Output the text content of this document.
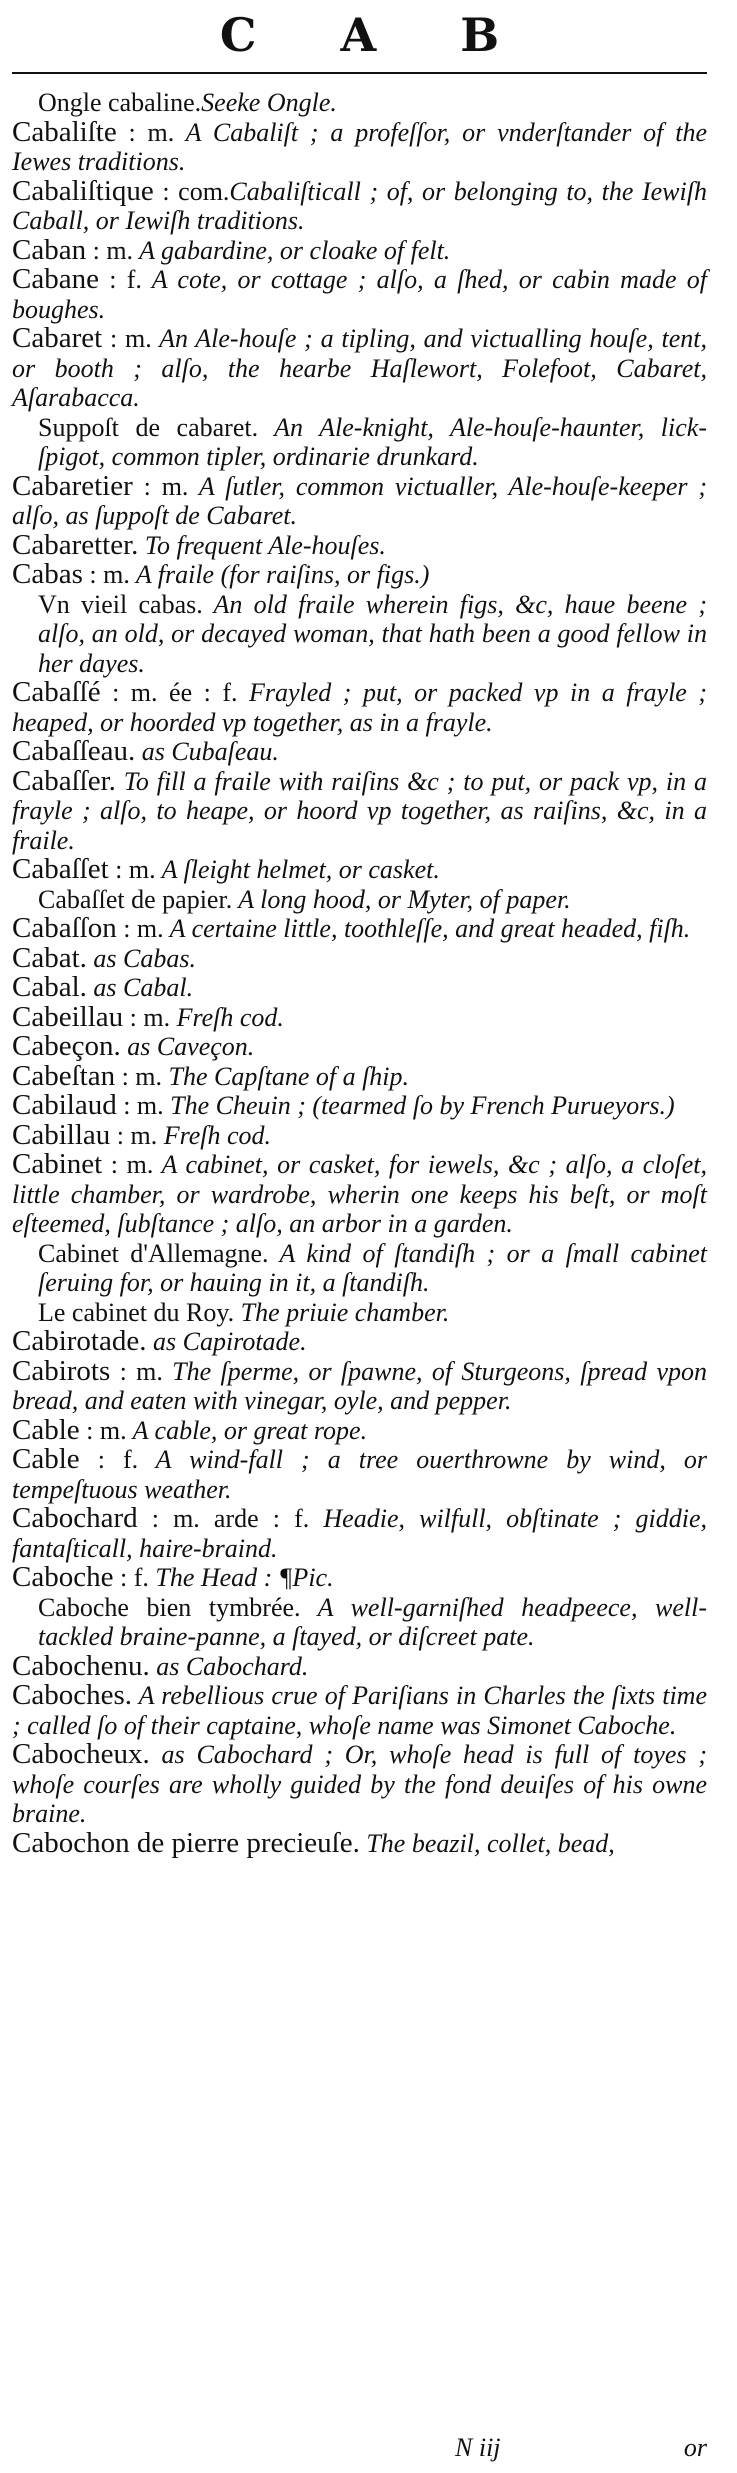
C A B

Ongle cabaline.Seeke Ongle.

Cabaliſte : m. A Cabaliſt ; a profeſſor, or vnderſtander of the Iewes traditions.

Cabaliſtique : com.Cabaliſticall ; of, or belonging to, the Iewiſh Caball, or Iewiſh traditions.

Caban : m. A gabardine, or cloake of felt.

Cabane : f. A cote, or cottage ; alſo, a ſhed, or cabin made of boughes.

Cabaret : m. An Ale-houſe ; a tipling, and victualling houſe, tent, or booth ; alſo, the hearbe Haſlewort, Folefoot, Cabaret, Aſarabacca.

Suppoſt de cabaret. An Ale-knight, Ale-houſe-haunter, lick-ſpigot, common tipler, ordinarie drunkard.

Cabaretier : m. A ſutler, common victualler, Ale-houſe-keeper ; alſo, as ſuppoſt de Cabaret.

Cabaretter. To frequent Ale-houſes.

Cabas : m. A fraile (for raiſins, or figs.)

Vn vieil cabas. An old fraile wherein figs, &c, haue beene ; alſo, an old, or decayed woman, that hath been a good fellow in her dayes.

Cabaſſé : m. ée : f. Frayled ; put, or packed vp in a frayle ; heaped, or hoorded vp together, as in a frayle.

Cabaſſeau. as Cubaſeau.

Cabaſſer. To fill a fraile with raiſins &c ; to put, or pack vp, in a frayle ; alſo, to heape, or hoord vp together, as raiſins, &c, in a fraile.

Cabaſſet : m. A ſleight helmet, or casket.

Cabaſſet de papier. A long hood, or Myter, of paper.

Cabaſſon : m. A certaine little, toothleſſe, and great headed, fiſh.

Cabat. as Cabas.

Cabal. as Cabal.

Cabeillau : m. Freſh cod.

Cabeçon. as Caveçon.

Cabeſtan : m. The Capſtane of a ſhip.

Cabilaud : m. The Cheuin ; (tearmed ſo by French Purueyors.)

Cabillau : m. Freſh cod.

Cabinet : m. A cabinet, or casket, for iewels, &c ; alſo, a cloſet, little chamber, or wardrobe, wherin one keeps his beſt, or moſt eſteemed, ſubſtance ; alſo, an arbor in a garden.

Cabinet d'Allemagne. A kind of ſtandiſh ; or a ſmall cabinet ſeruing for, or hauing in it, a ſtandiſh.

Le cabinet du Roy. The priuie chamber.

Cabirotade. as Capirotade.

Cabirots : m. The ſperme, or ſpawne, of Sturgeons, ſpread vpon bread, and eaten with vinegar, oyle, and pepper.

Cable : m. A cable, or great rope.

Cable : f. A wind-fall ; a tree ouerthrowne by wind, or tempeſtuous weather.

Cabochard : m. arde : f. Headie, wilfull, obſtinate ; giddie, fantaſticall, haire-braind.

Caboche : f. The Head : ¶Pic.

Caboche bien tymbrée. A well-garniſhed headpeece, well-tackled braine-panne, a ſtayed, or diſcreet pate.

Cabochenu. as Cabochard.

Caboches. A rebellious crue of Pariſians in Charles the ſixts time ; called ſo of their captaine, whoſe name was Simonet Caboche.

Cabocheux. as Cabochard ; Or, whoſe head is full of toyes ; whoſe courſes are wholly guided by the fond deuiſes of his owne braine.

Cabochon de pierre precieuſe. The beazil, collet, bead,

N iij	or
